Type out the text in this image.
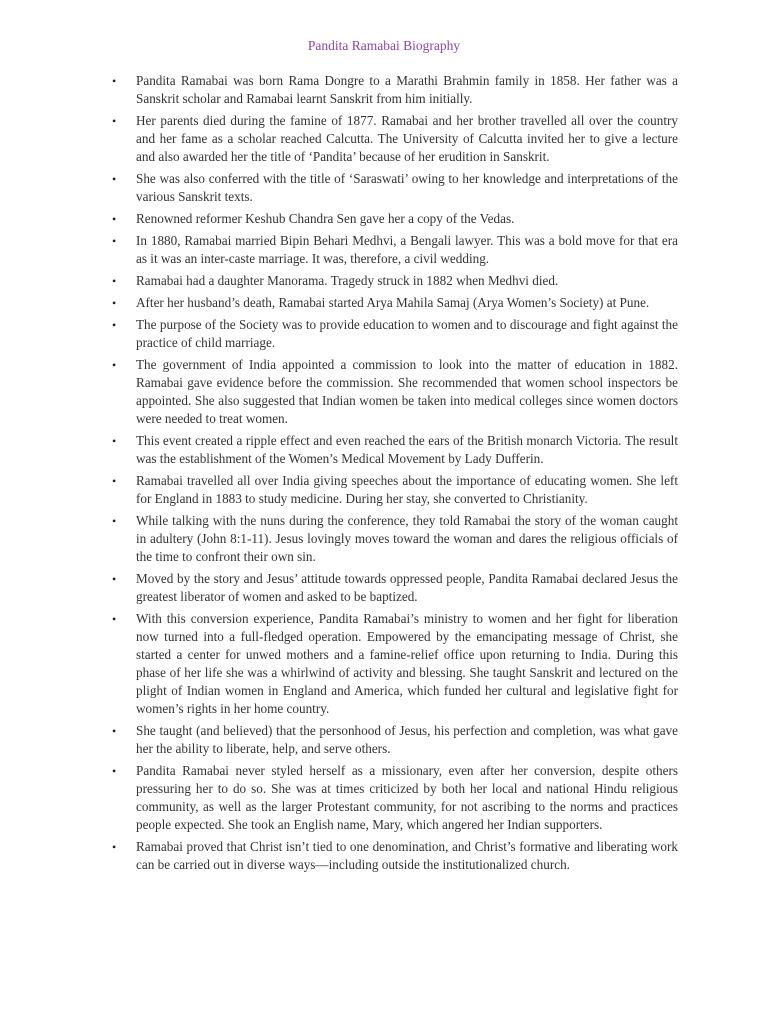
Pandita Ramabai Biography
• Pandita Ramabai was born Rama Dongre to a Marathi Brahmin family in 1858. Her father was a Sanskrit scholar and Ramabai learnt Sanskrit from him initially.
• Her parents died during the famine of 1877. Ramabai and her brother travelled all over the country and her fame as a scholar reached Calcutta. The University of Calcutta invited her to give a lecture and also awarded her the title of ‘Pandita’ because of her erudition in Sanskrit.
• She was also conferred with the title of ‘Saraswati’ owing to her knowledge and interpretations of the various Sanskrit texts.
• Renowned reformer Keshub Chandra Sen gave her a copy of the Vedas.
• In 1880, Ramabai married Bipin Behari Medhvi, a Bengali lawyer. This was a bold move for that era as it was an inter-caste marriage. It was, therefore, a civil wedding.
• Ramabai had a daughter Manorama. Tragedy struck in 1882 when Medhvi died.
• After her husband’s death, Ramabai started Arya Mahila Samaj (Arya Women’s Society) at Pune.
• The purpose of the Society was to provide education to women and to discourage and fight against the practice of child marriage.
• The government of India appointed a commission to look into the matter of education in 1882. Ramabai gave evidence before the commission. She recommended that women school inspectors be appointed. She also suggested that Indian women be taken into medical colleges since women doctors were needed to treat women.
• This event created a ripple effect and even reached the ears of the British monarch Victoria. The result was the establishment of the Women’s Medical Movement by Lady Dufferin.
• Ramabai travelled all over India giving speeches about the importance of educating women. She left for England in 1883 to study medicine. During her stay, she converted to Christianity.
• While talking with the nuns during the conference, they told Ramabai the story of the woman caught in adultery (John 8:1-11). Jesus lovingly moves toward the woman and dares the religious officials of the time to confront their own sin.
• Moved by the story and Jesus’ attitude towards oppressed people, Pandita Ramabai declared Jesus the greatest liberator of women and asked to be baptized.
• With this conversion experience, Pandita Ramabai’s ministry to women and her fight for liberation now turned into a full-fledged operation. Empowered by the emancipating message of Christ, she started a center for unwed mothers and a famine-relief office upon returning to India. During this phase of her life she was a whirlwind of activity and blessing. She taught Sanskrit and lectured on the plight of Indian women in England and America, which funded her cultural and legislative fight for women’s rights in her home country.
• She taught (and believed) that the personhood of Jesus, his perfection and completion, was what gave her the ability to liberate, help, and serve others.
• Pandita Ramabai never styled herself as a missionary, even after her conversion, despite others pressuring her to do so. She was at times criticized by both her local and national Hindu religious community, as well as the larger Protestant community, for not ascribing to the norms and practices people expected. She took an English name, Mary, which angered her Indian supporters.
• Ramabai proved that Christ isn’t tied to one denomination, and Christ’s formative and liberating work can be carried out in diverse ways—including outside the institutionalized church.
